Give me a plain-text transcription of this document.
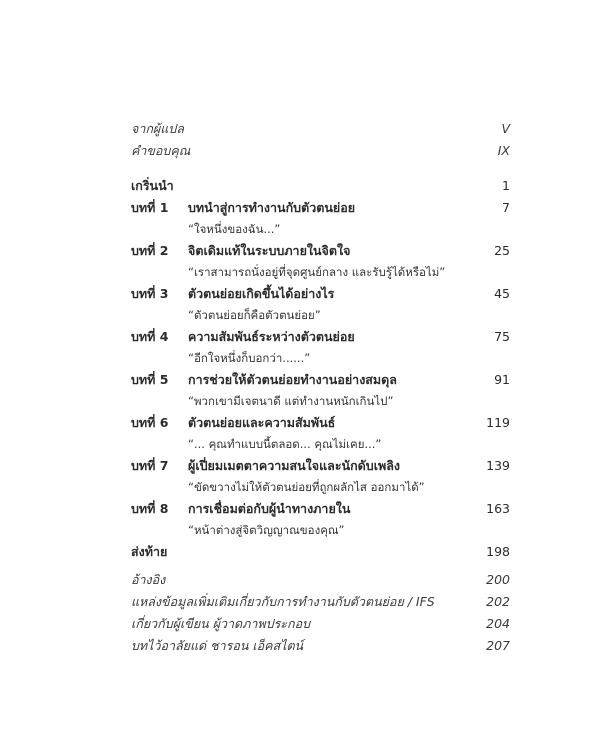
จากผู้แปล	V
คำขอบคุณ	IX
เกริ่นนำ	1
บทที่ 1 บทนำสู่การทำงานกับตัวตนย่อย	7
“ใจหนึ่งของฉัน...”
บทที่ 2 จิตเดิมแท้ในระบบภายในจิตใจ	25
“เราสามารถนั่งอยู่ที่จุดศูนย์กลาง และรับรู้ได้หรือไม่”
บทที่ 3 ตัวตนย่อยเกิดขึ้นได้อย่างไร	45
“ตัวตนย่อยก็คือตัวตนย่อย”
บทที่ 4 ความสัมพันธ์ระหว่างตัวตนย่อย	75
“อีกใจหนึ่งก็บอกว่า......”
บทที่ 5 การช่วยให้ตัวตนย่อยทำงานอย่างสมดุล	91
“พวกเขามีเจตนาดี แต่ทำงานหนักเกินไป”
บทที่ 6 ตัวตนย่อยและความสัมพันธ์	119
“... คุณทำแบบนี้ตลอด... คุณไม่เคย...”
บทที่ 7 ผู้เปี่ยมเมตตาความสนใจและนักดับเพลิง	139
“ขัดขวางไม่ให้ตัวตนย่อยที่ถูกผลักไส ออกมาได้”
บทที่ 8 การเชื่อมต่อกับผู้นำทางภายใน	163
“หน้าต่างสู่จิตวิญญาณของคุณ”
ส่งท้าย	198
อ้างอิง	200
แหล่งข้อมูลเพิ่มเติมเกี่ยวกับการทำงานกับตัวตนย่อย / IFS	202
เกี่ยวกับผู้เขียน ผู้วาดภาพประกอบ	204
บทไว้อาลัยแด่ ชารอน เอ็คสไตน์	207
